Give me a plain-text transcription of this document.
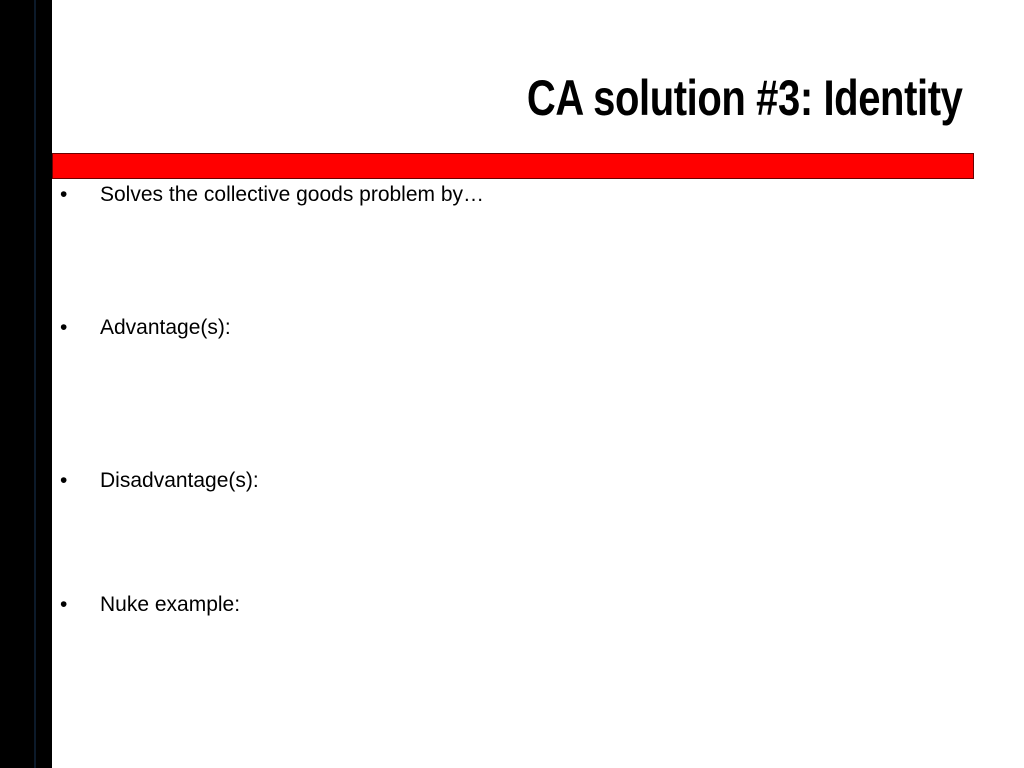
CA solution #3: Identity
• Solves the collective goods problem by…
• Advantage(s):
• Disadvantage(s):
• Nuke example:
